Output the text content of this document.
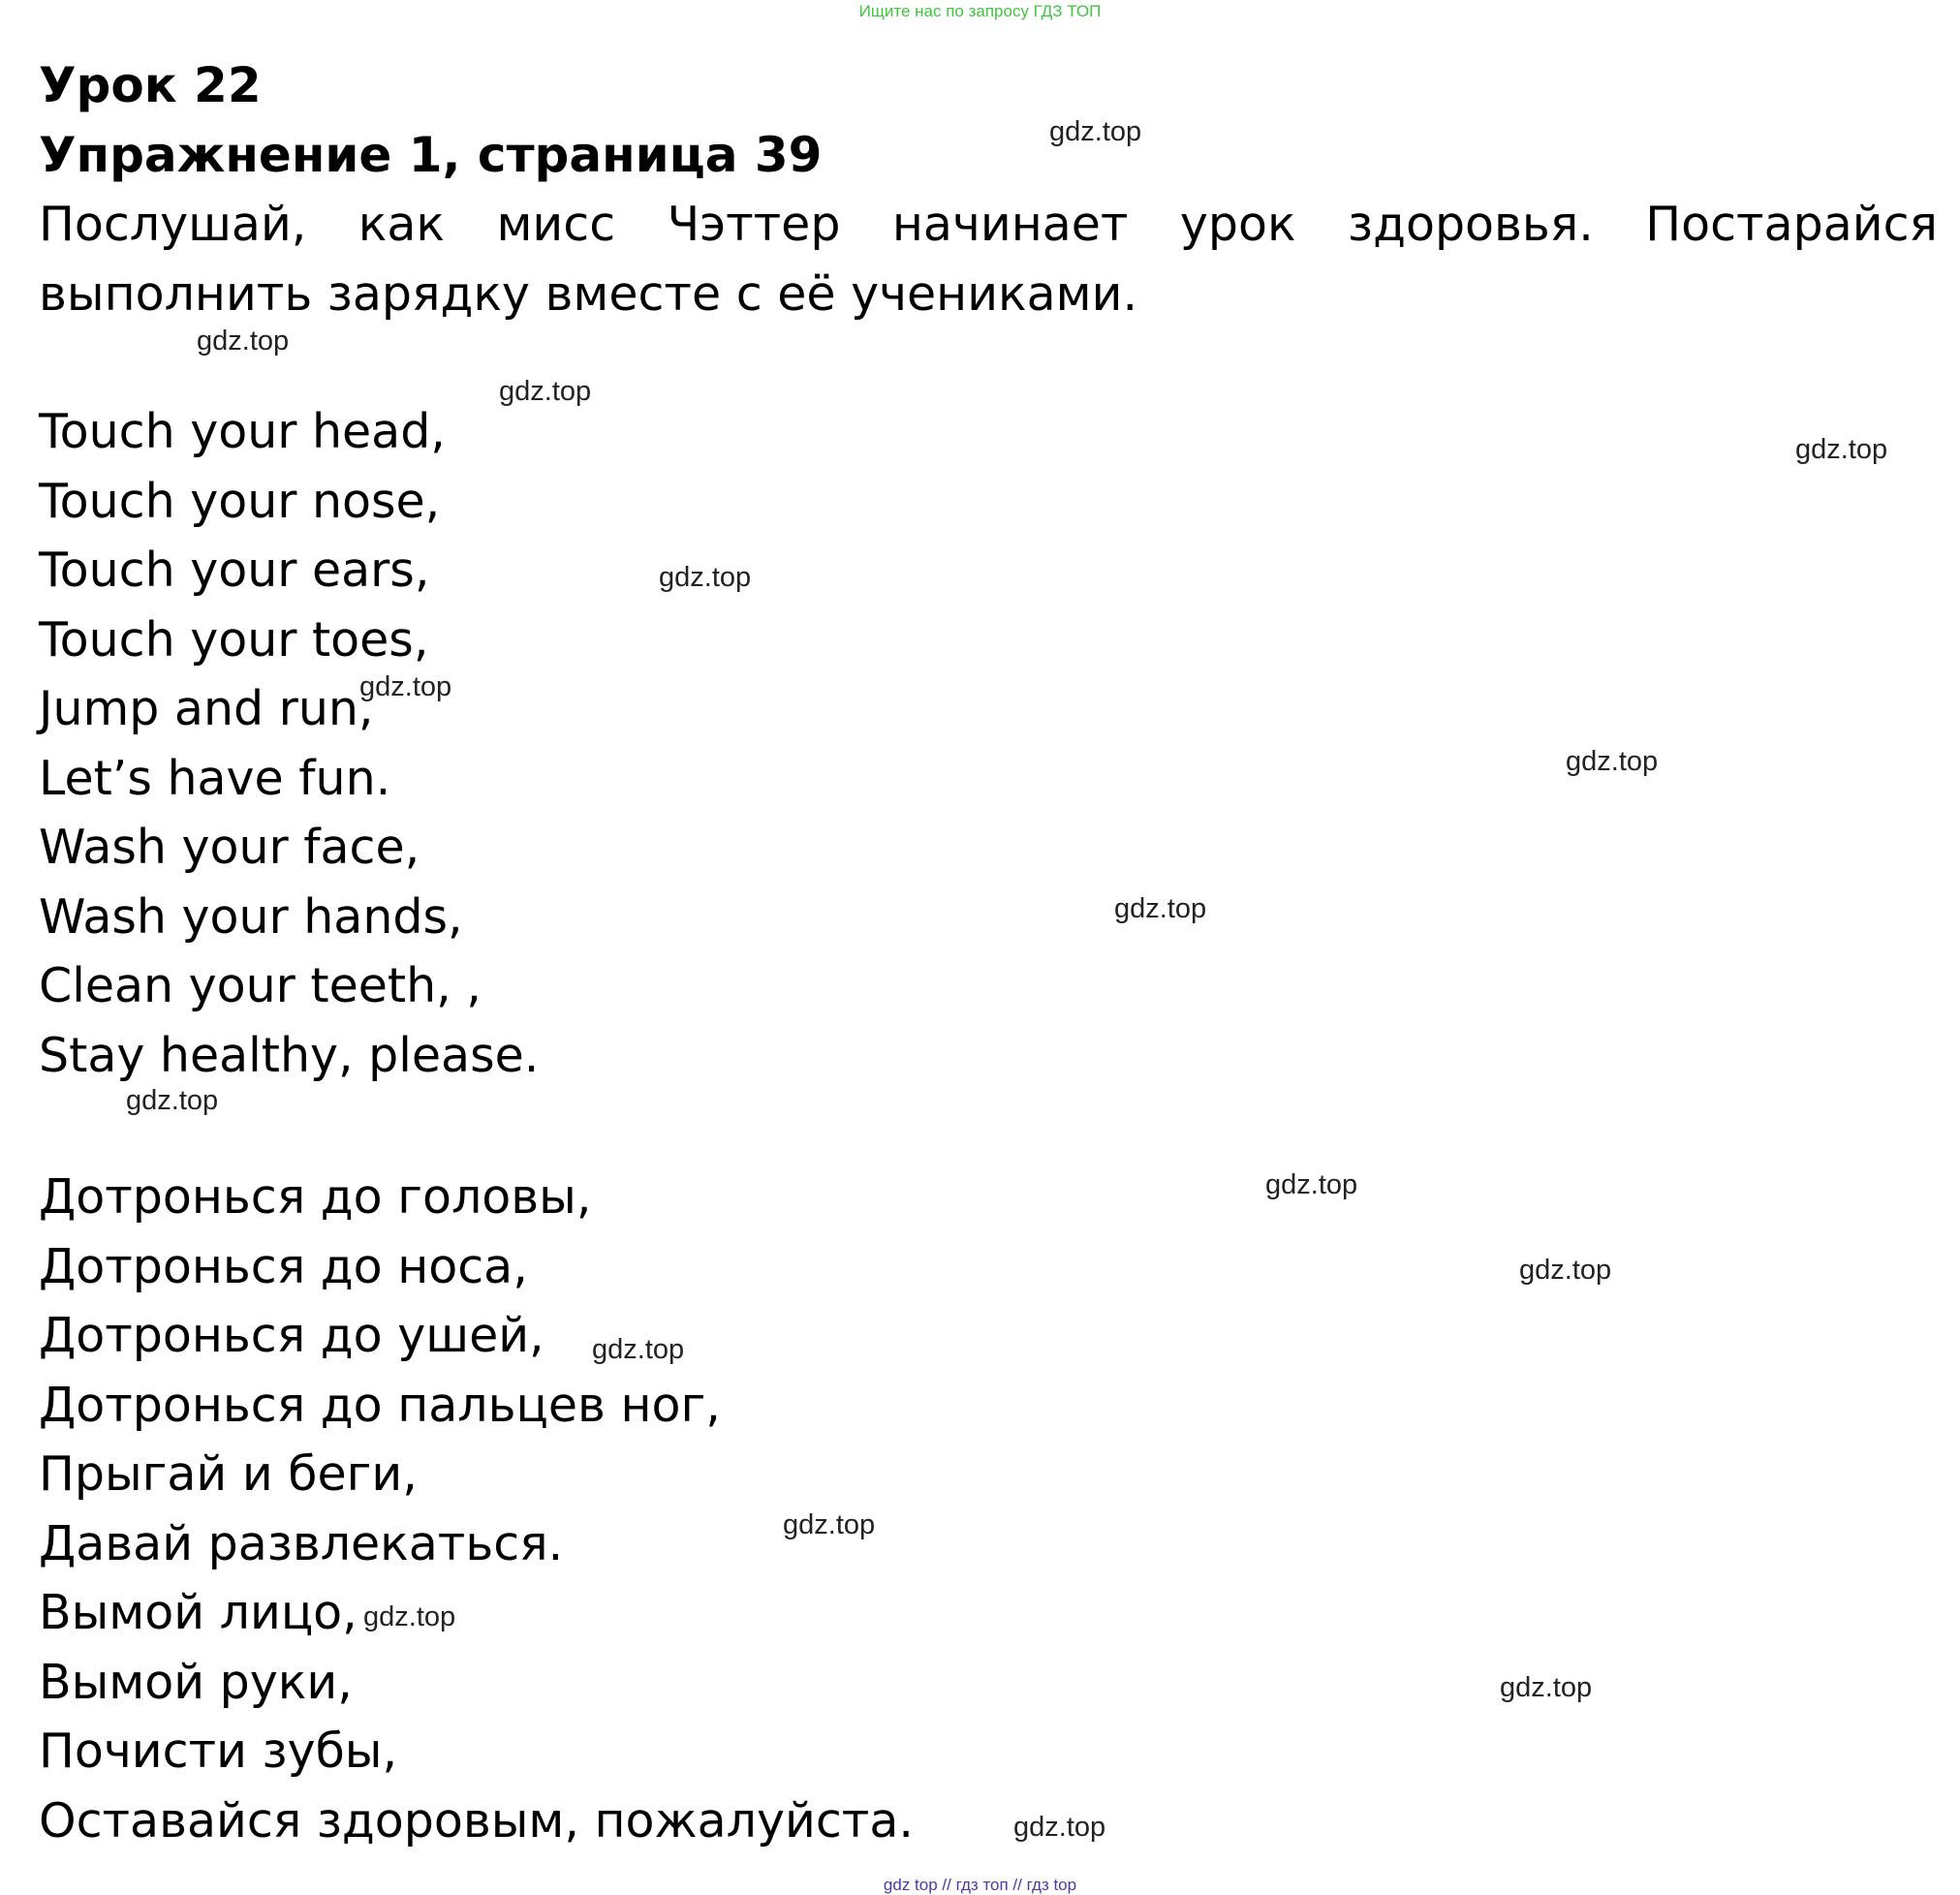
Ищите нас по запросу ГДЗ ТОП
Урок 22
Упражнение 1, страница 39

Послушай, как мисс Чэттер начинает урок здоровья. Постарайся выполнить зарядку вместе с её учениками.

Touch your head,
Touch your nose,
Touch your ears,
Touch your toes,
Jump and run,
Let’s have fun.
Wash your face,
Wash your hands,
Clean your teeth, ,
Stay healthy, please.
Дотронься до головы,
Дотронься до носа,
Дотронься до ушей,
Дотронься до пальцев ног,
Прыгай и беги,
Давай развлекаться.
Вымой лицо,
Вымой руки,
Почисти зубы,
Оставайся здоровым, пожалуйста.
gdz.top
gdz.top
gdz.top
gdz.top
gdz.top
gdz.top
gdz.top
gdz.top
gdz.top
gdz.top
gdz.top
gdz.top
gdz.top
gdz.top
gdz.top
gdz.top
gdz top // гдз топ // гдз top
